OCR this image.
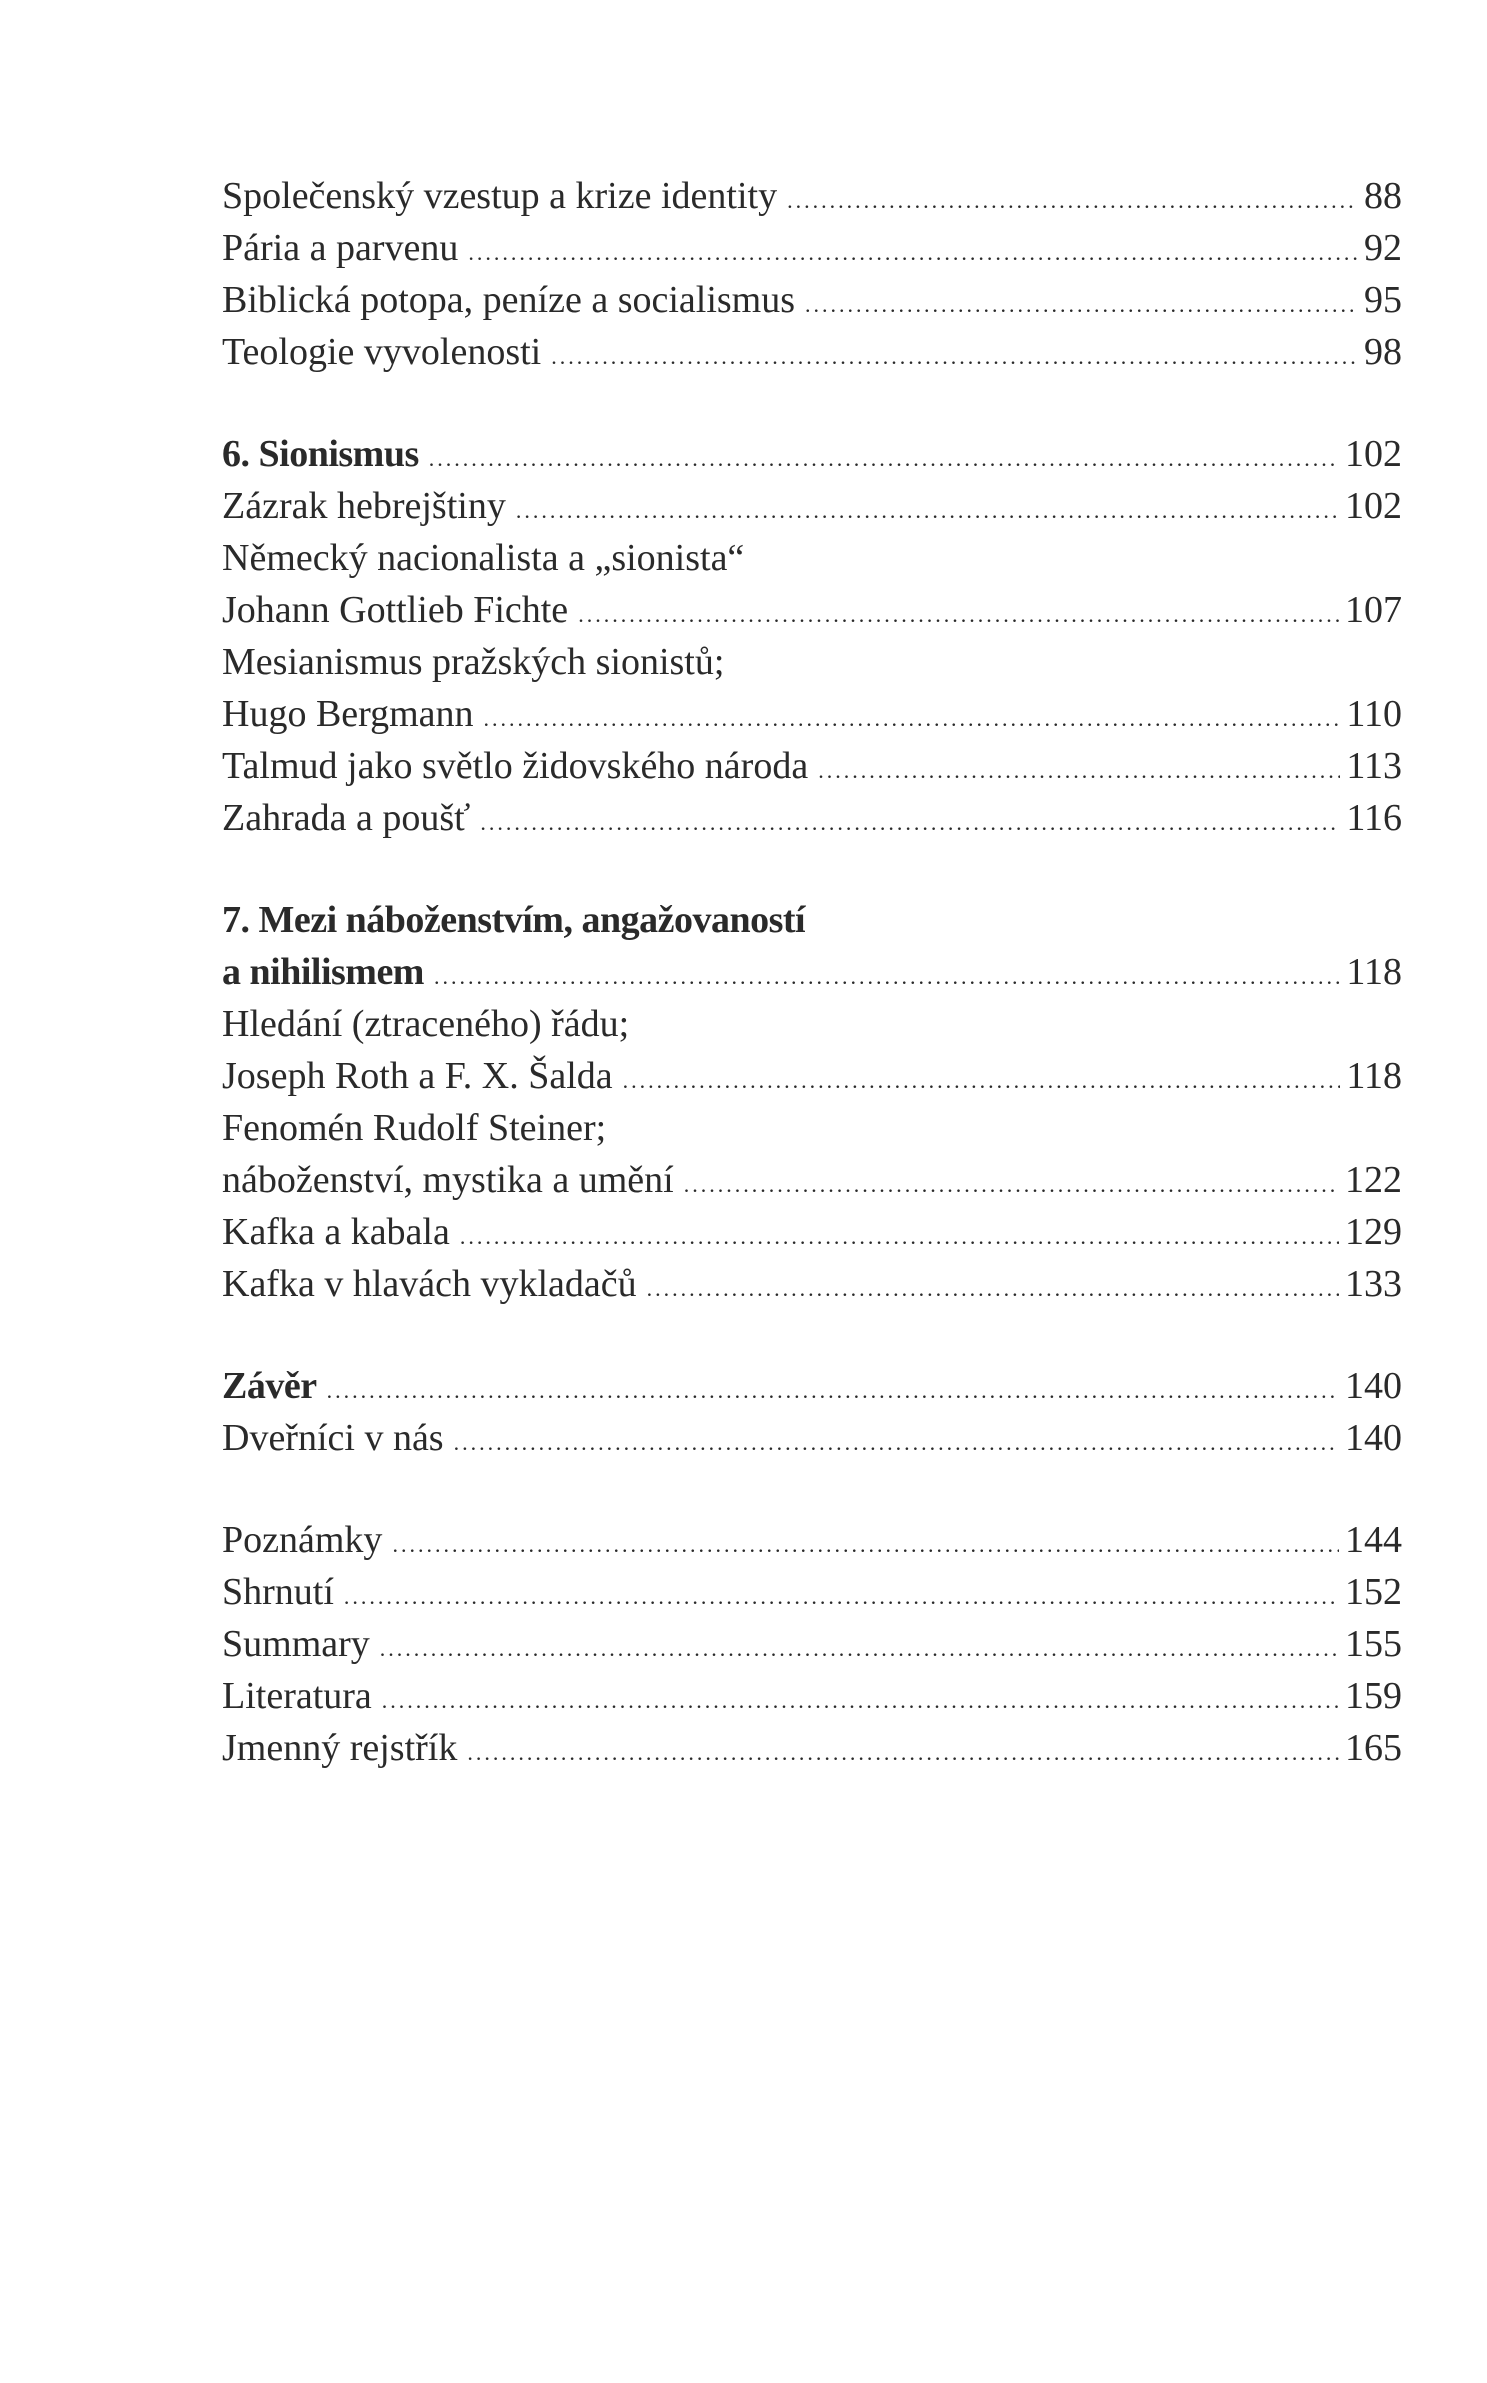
Společenský vzestup a krize identity .....	88
Pária a parvenu .....	92
Biblická potopa, peníze a socialismus .....	95
Teologie vyvolenosti .....	98
6. Sionismus .....	102
Zázrak hebrejštiny .....	102
Německý nacionalista a „sionista“
Johann Gottlieb Fichte .....	107
Mesianismus pražských sionistů;
Hugo Bergmann .....	110
Talmud jako světlo židovského národa .....	113
Zahrada a poušť .....	116
7. Mezi náboženstvím, angažovaností
a nihilismem .....	118
Hledání (ztraceného) řádu;
Joseph Roth a F. X. Šalda .....	118
Fenomén Rudolf Steiner;
náboženství, mystika a umění .....	122
Kafka a kabala .....	129
Kafka v hlavách vykladačů .....	133
Závěr .....	140
Dveřníci v nás .....	140
Poznámky .....	144
Shrnutí .....	152
Summary .....	155
Literatura .....	159
Jmenný rejstřík .....	165
